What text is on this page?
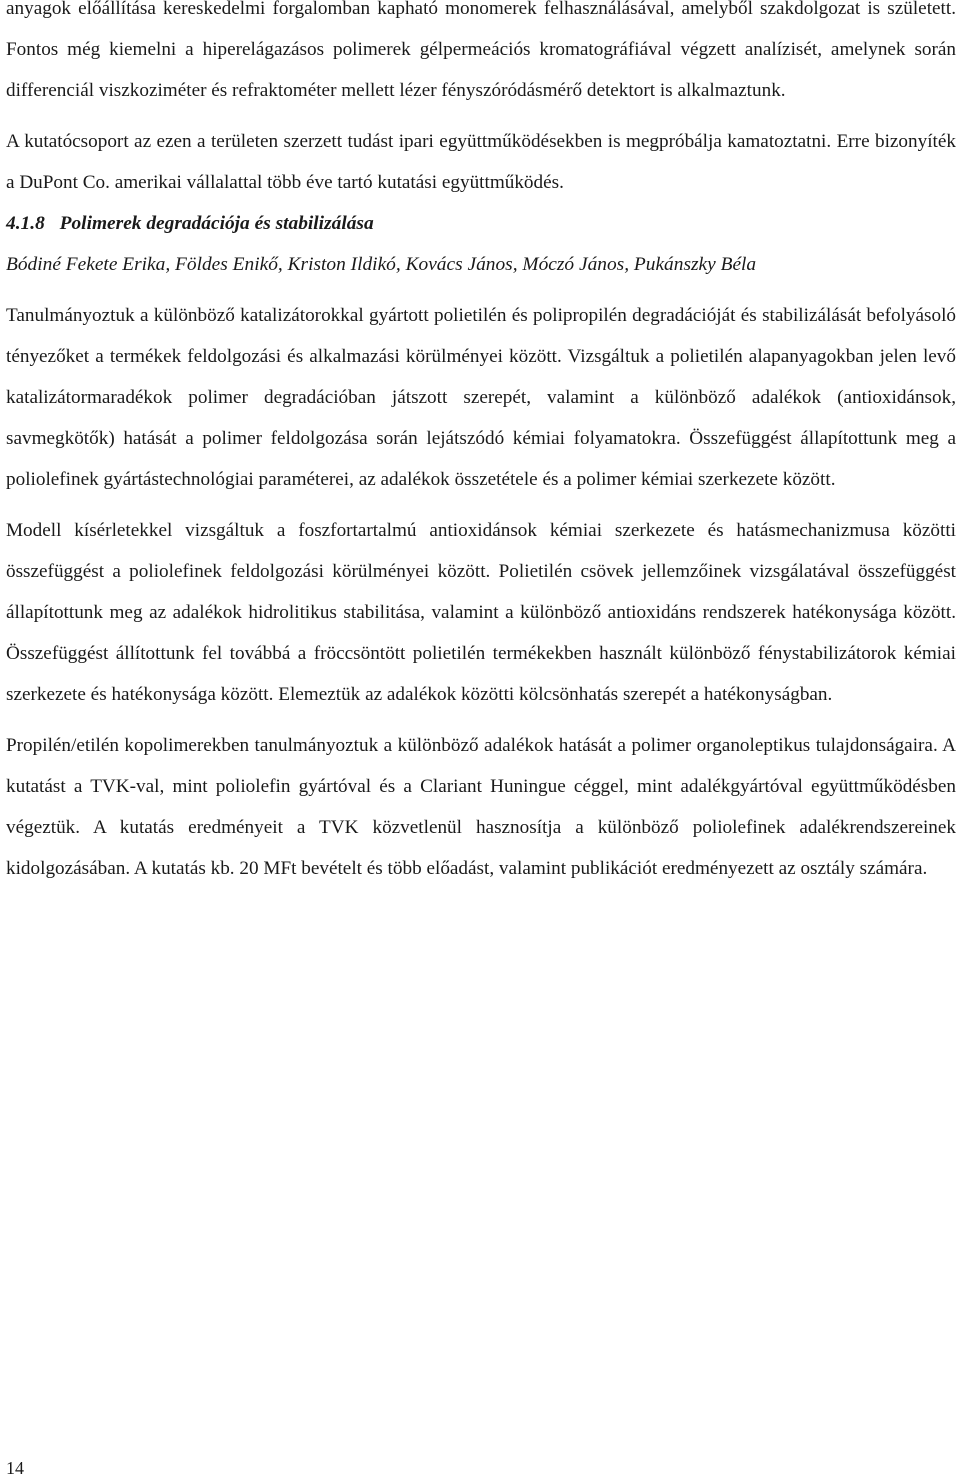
anyagok előállítása kereskedelmi forgalomban kapható monomerek felhasználásával, amelyből szakdolgozat is született. Fontos még kiemelni a hiperelágazásos polimerek gélpermeációs kromatográfiával végzett analízisét, amelynek során differenciál viszkoziméter és refraktométer mellett lézer fényszóródásmérő detektort is alkalmaztunk.

A kutatócsoport az ezen a területen szerzett tudást ipari együttműködésekben is megpróbálja kamatoztatni. Erre bizonyíték a DuPont Co. amerikai vállalattal több éve tartó kutatási együttműködés.

4.1.8 Polimerek degradációja és stabilizálása

Bódiné Fekete Erika, Földes Enikő, Kriston Ildikó, Kovács János, Móczó János, Pukánszky Béla

Tanulmányoztuk a különböző katalizátorokkal gyártott polietilén és polipropilén degradációját és stabilizálását befolyásoló tényezőket a termékek feldolgozási és alkalmazási körülményei között. Vizsgáltuk a polietilén alapanyagokban jelen levő katalizátormaradékok polimer degradációban játszott szerepét, valamint a különböző adalékok (antioxidánsok, savmegkötők) hatását a polimer feldolgozása során lejátszódó kémiai folyamatokra. Összefüggést állapítottunk meg a poliolefinek gyártástechnológiai paraméterei, az adalékok összetétele és a polimer kémiai szerkezete között.

Modell kísérletekkel vizsgáltuk a foszfortartalmú antioxidánsok kémiai szerkezete és hatásmechanizmusa közötti összefüggést a poliolefinek feldolgozási körülményei között. Polietilén csövek jellemzőinek vizsgálatával összefüggést állapítottunk meg az adalékok hidrolitikus stabilitása, valamint a különböző antioxidáns rendszerek hatékonysága között. Összefüggést állítottunk fel továbbá a fröccsöntött polietilén termékekben használt különböző fénystabilizátorok kémiai szerkezete és hatékonysága között. Elemeztük az adalékok közötti kölcsönhatás szerepét a hatékonyságban.

Propilén/etilén kopolimerekben tanulmányoztuk a különböző adalékok hatását a polimer organoleptikus tulajdonságaira. A kutatást a TVK-val, mint poliolefin gyártóval és a Clariant Huningue céggel, mint adalékgyártóval együttműködésben végeztük. A kutatás eredményeit a TVK közvetlenül hasznosítja a különböző poliolefinek adalékrendszereinek kidolgozásában. A kutatás kb. 20 MFt bevételt és több előadást, valamint publikációt eredményezett az osztály számára.

14
